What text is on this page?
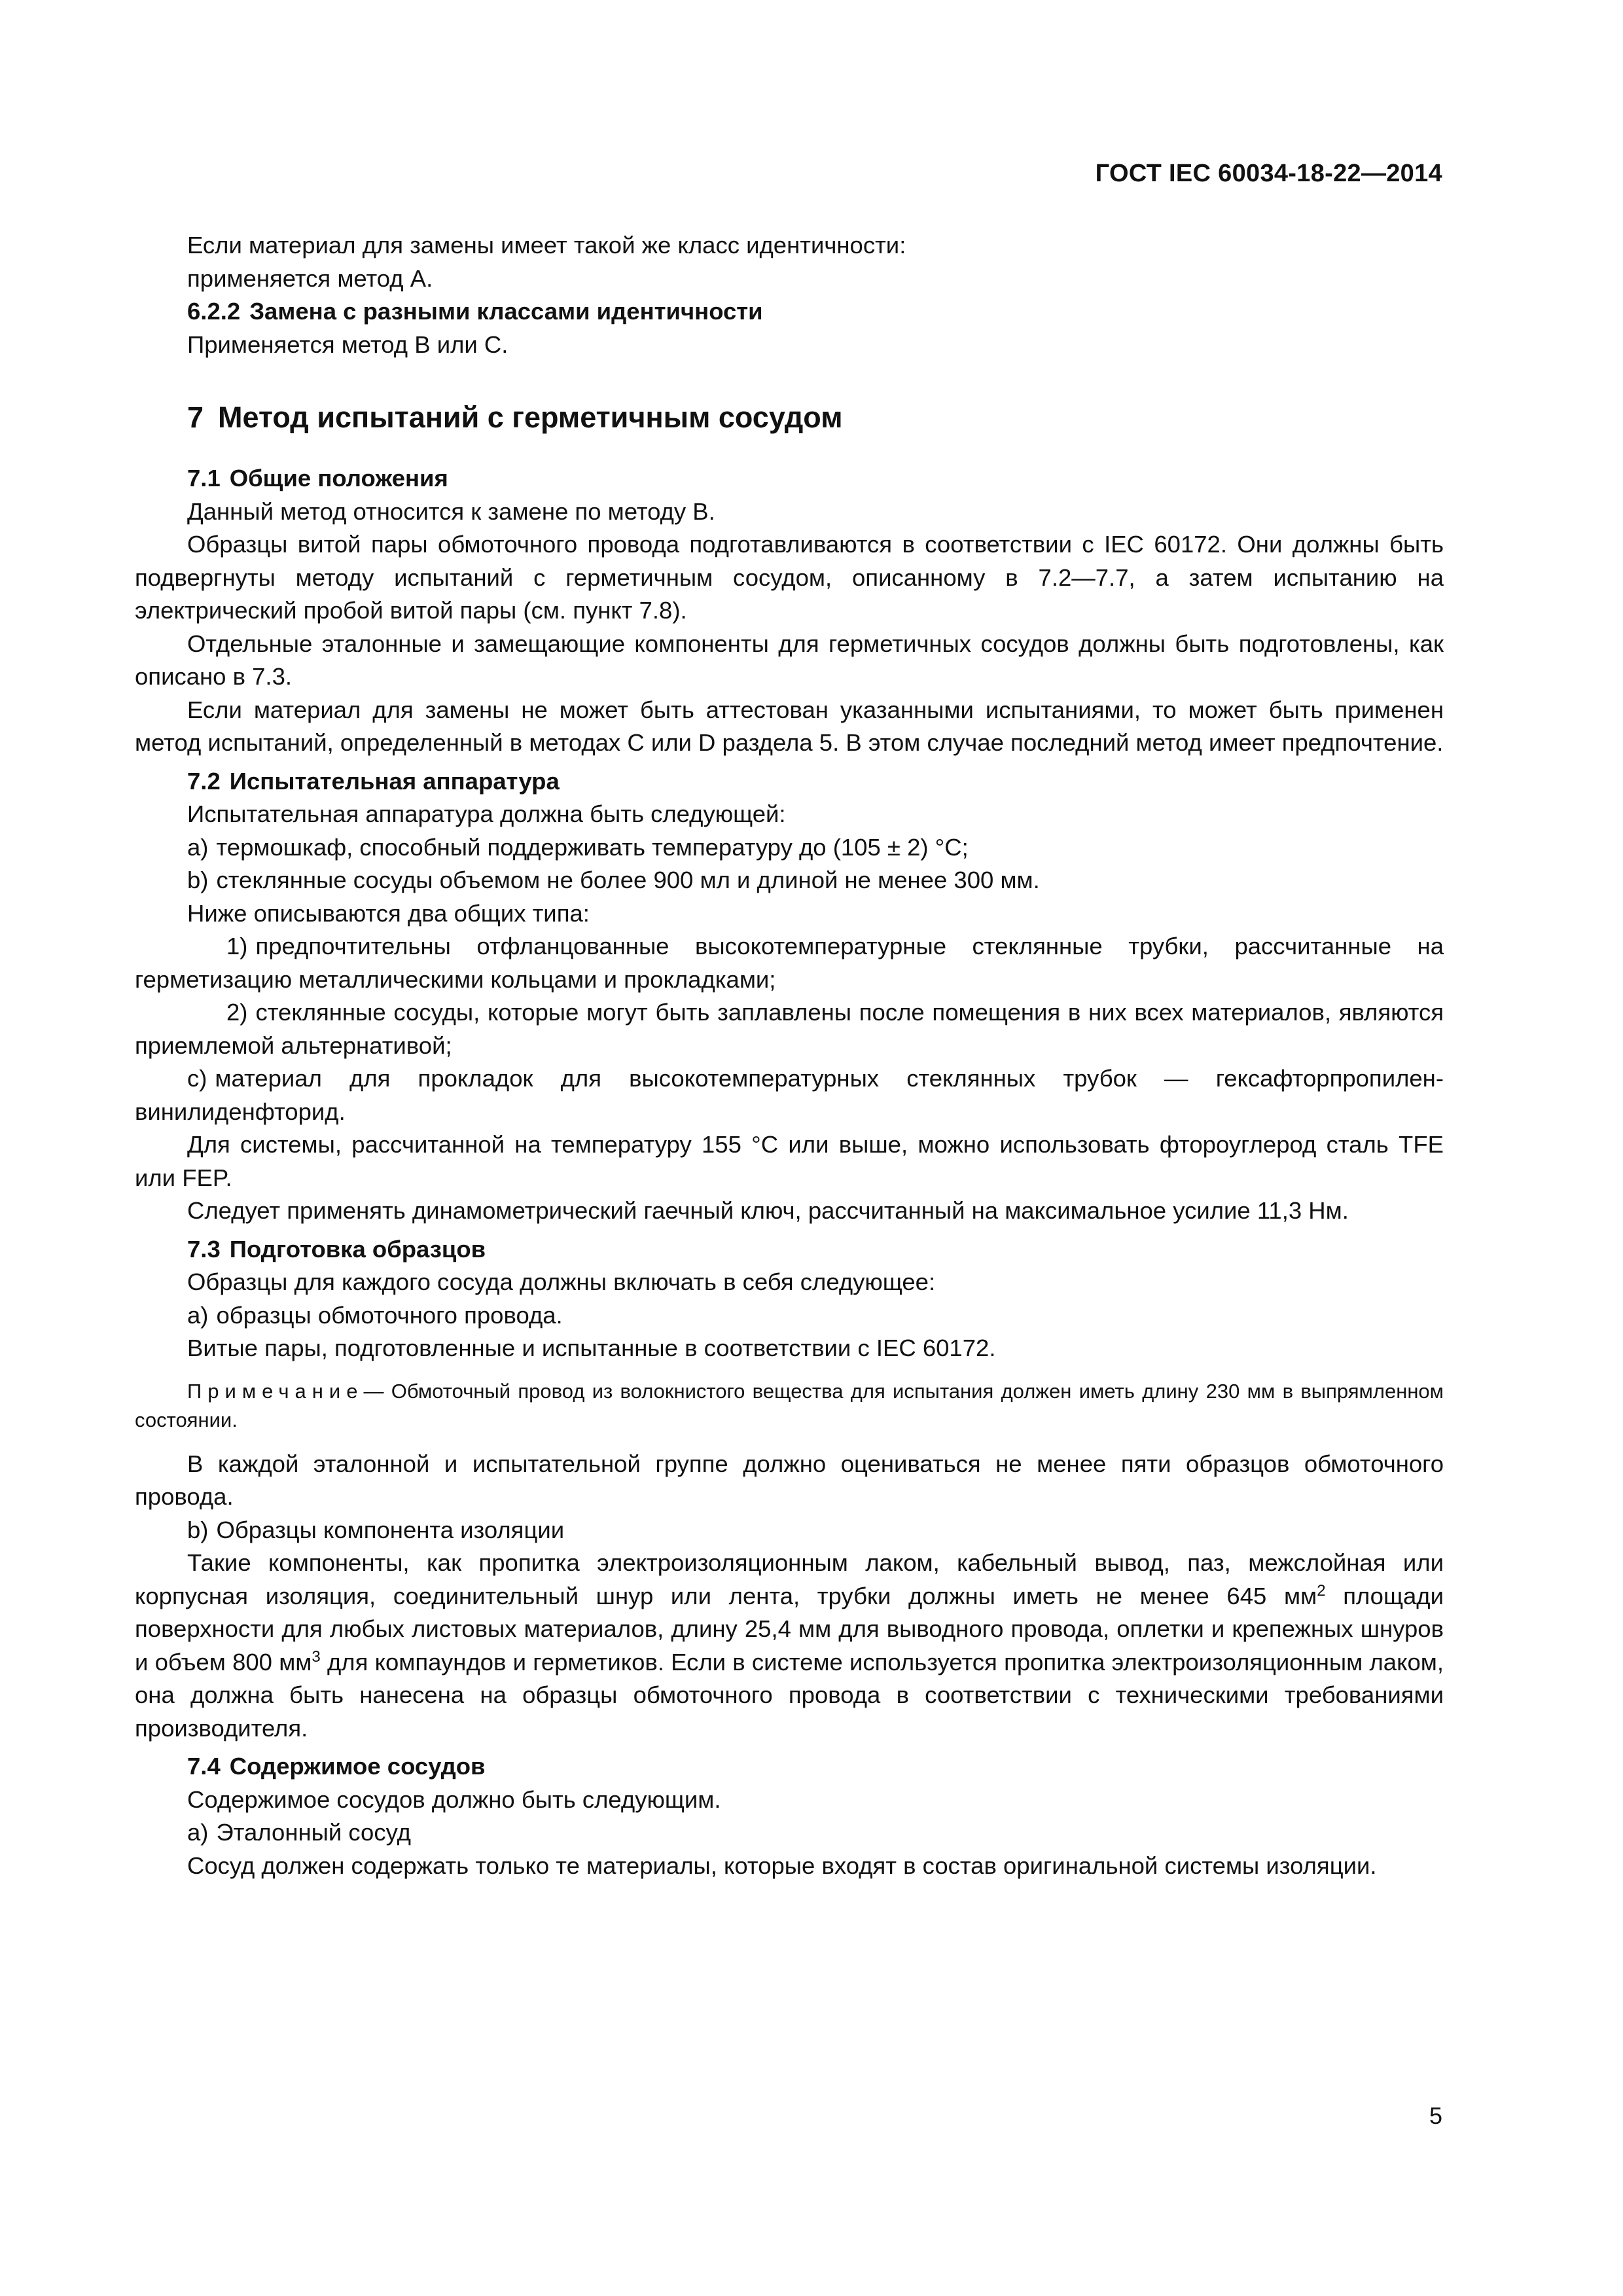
ГОСТ IEC 60034-18-22—2014

Если материал для замены имеет такой же класс идентичности:

применяется метод А.

6.2.2 Замена с разными классами идентичности

Применяется метод В или С.

7 Метод испытаний с герметичным сосудом

7.1 Общие положения

Данный метод относится к замене по методу В.

Образцы витой пары обмоточного провода подготавливаются в соответствии с IEC 60172. Они должны быть подвергнуты методу испытаний с герметичным сосудом, описанному в 7.2—7.7, а затем испытанию на электрический пробой витой пары (см. пункт 7.8).

Отдельные эталонные и замещающие компоненты для герметичных сосудов должны быть подготовлены, как описано в 7.3.

Если материал для замены не может быть аттестован указанными испытаниями, то может быть применен метод испытаний, определенный в методах С или D раздела 5. В этом случае последний метод имеет предпочтение.

7.2 Испытательная аппаратура

Испытательная аппаратура должна быть следующей:

a) термошкаф, способный поддерживать температуру до (105 ± 2) °С;

b) стеклянные сосуды объемом не более 900 мл и длиной не менее 300 мм.

Ниже описываются два общих типа:

1) предпочтительны отфланцованные высокотемпературные стеклянные трубки, рассчитанные на герметизацию металлическими кольцами и прокладками;

2) стеклянные сосуды, которые могут быть заплавлены после помещения в них всех материалов, являются приемлемой альтернативой;

c) материал для прокладок для высокотемпературных стеклянных трубок — гексафторпропилен-винилиденфторид.

Для системы, рассчитанной на температуру 155 °С или выше, можно использовать фтороуглерод сталь TFE или FEP.

Следует применять динамометрический гаечный ключ, рассчитанный на максимальное усилие 11,3 Нм.

7.3 Подготовка образцов

Образцы для каждого сосуда должны включать в себя следующее:

a) образцы обмоточного провода.

Витые пары, подготовленные и испытанные в соответствии с IEC 60172.

Примечание— Обмоточный провод из волокнистого вещества для испытания должен иметь длину 230 мм в выпрямленном состоянии.

В каждой эталонной и испытательной группе должно оцениваться не менее пяти образцов обмоточного провода.

b) Образцы компонента изоляции

Такие компоненты, как пропитка электроизоляционным лаком, кабельный вывод, паз, межслойная или корпусная изоляция, соединительный шнур или лента, трубки должны иметь не менее 645 $мм^2$ площади поверхности для любых листовых материалов, длину 25,4 мм для выводного провода, оплетки и крепежных шнуров и объем 800 $мм^3$ для компаундов и герметиков. Если в системе используется пропитка электроизоляционным лаком, она должна быть нанесена на образцы обмоточного провода в соответствии с техническими требованиями производителя.

7.4 Содержимое сосудов

Содержимое сосудов должно быть следующим.

a) Эталонный сосуд

Сосуд должен содержать только те материалы, которые входят в состав оригинальной системы изоляции.

5
